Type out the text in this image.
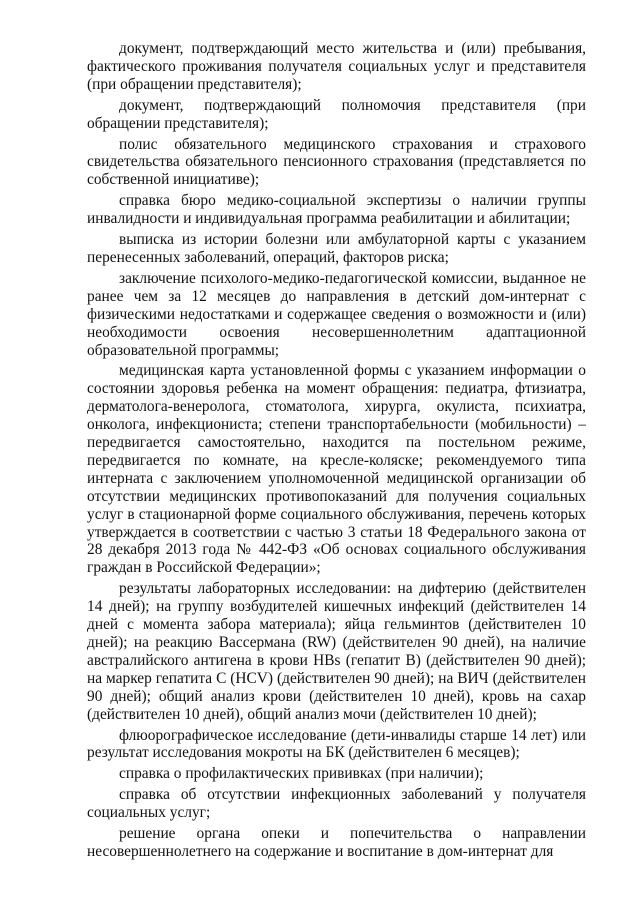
документ, подтверждающий место жительства и (или) пребывания, фактического проживания получателя социальных услуг и представителя (при обращении представителя);

документ, подтверждающий полномочия представителя (при обращении представителя);

полис обязательного медицинского страхования и страхового свидетельства обязательного пенсионного страхования (представляется по собственной инициативе);

справка бюро медико-социальной экспертизы о наличии группы инвалидности и индивидуальная программа реабилитации и абилитации;

выписка из истории болезни или амбулаторной карты с указанием перенесенных заболеваний, операций, факторов риска;

заключение психолого-медико-педагогической комиссии, выданное не ранее чем за 12 месяцев до направления в детский дом-интернат с физическими недостатками и содержащее сведения о возможности и (или) необходимости освоения несовершеннолетним адаптационной образовательной программы;

медицинская карта установленной формы с указанием информации о состоянии здоровья ребенка на момент обращения: педиатра, фтизиатра, дерматолога-венеролога, стоматолога, хирурга, окулиста, психиатра, онколога, инфекциониста; степени транспортабельности (мобильности) – передвигается самостоятельно, находится па постельном режиме, передвигается по комнате, на кресле-коляске; рекомендуемого типа интерната с заключением уполномоченной медицинской организации об отсутствии медицинских противопоказаний для получения социальных услуг в стационарной форме социального обслуживания, перечень которых утверждается в соответствии с частью 3 статьи 18 Федерального закона от 28 декабря 2013 года № 442-ФЗ «Об основах социального обслуживания граждан в Российской Федерации»;

результаты лабораторных исследовании: на дифтерию (действителен 14 дней); на группу возбудителей кишечных инфекций (действителен 14 дней с момента забора материала); яйца гельминтов (действителен 10 дней); на реакцию Вассермана (RW) (действителен 90 дней), на наличие австралийского антигена в крови HBs (гепатит B) (действителен 90 дней); на маркер гепатита C (HCV) (действителен 90 дней); на ВИЧ (действителен 90 дней); общий анализ крови (действителен 10 дней), кровь на сахар (действителен 10 дней), общий анализ мочи (действителен 10 дней);

флюорографическое исследование (дети-инвалиды старше 14 лет) или результат исследования мокроты на БК (действителен 6 месяцев);

справка о профилактических прививках (при наличии);

справка об отсутствии инфекционных заболеваний у получателя социальных услуг;

решение органа опеки и попечительства о направлении несовершеннолетнего на содержание и воспитание в дом-интернат для
